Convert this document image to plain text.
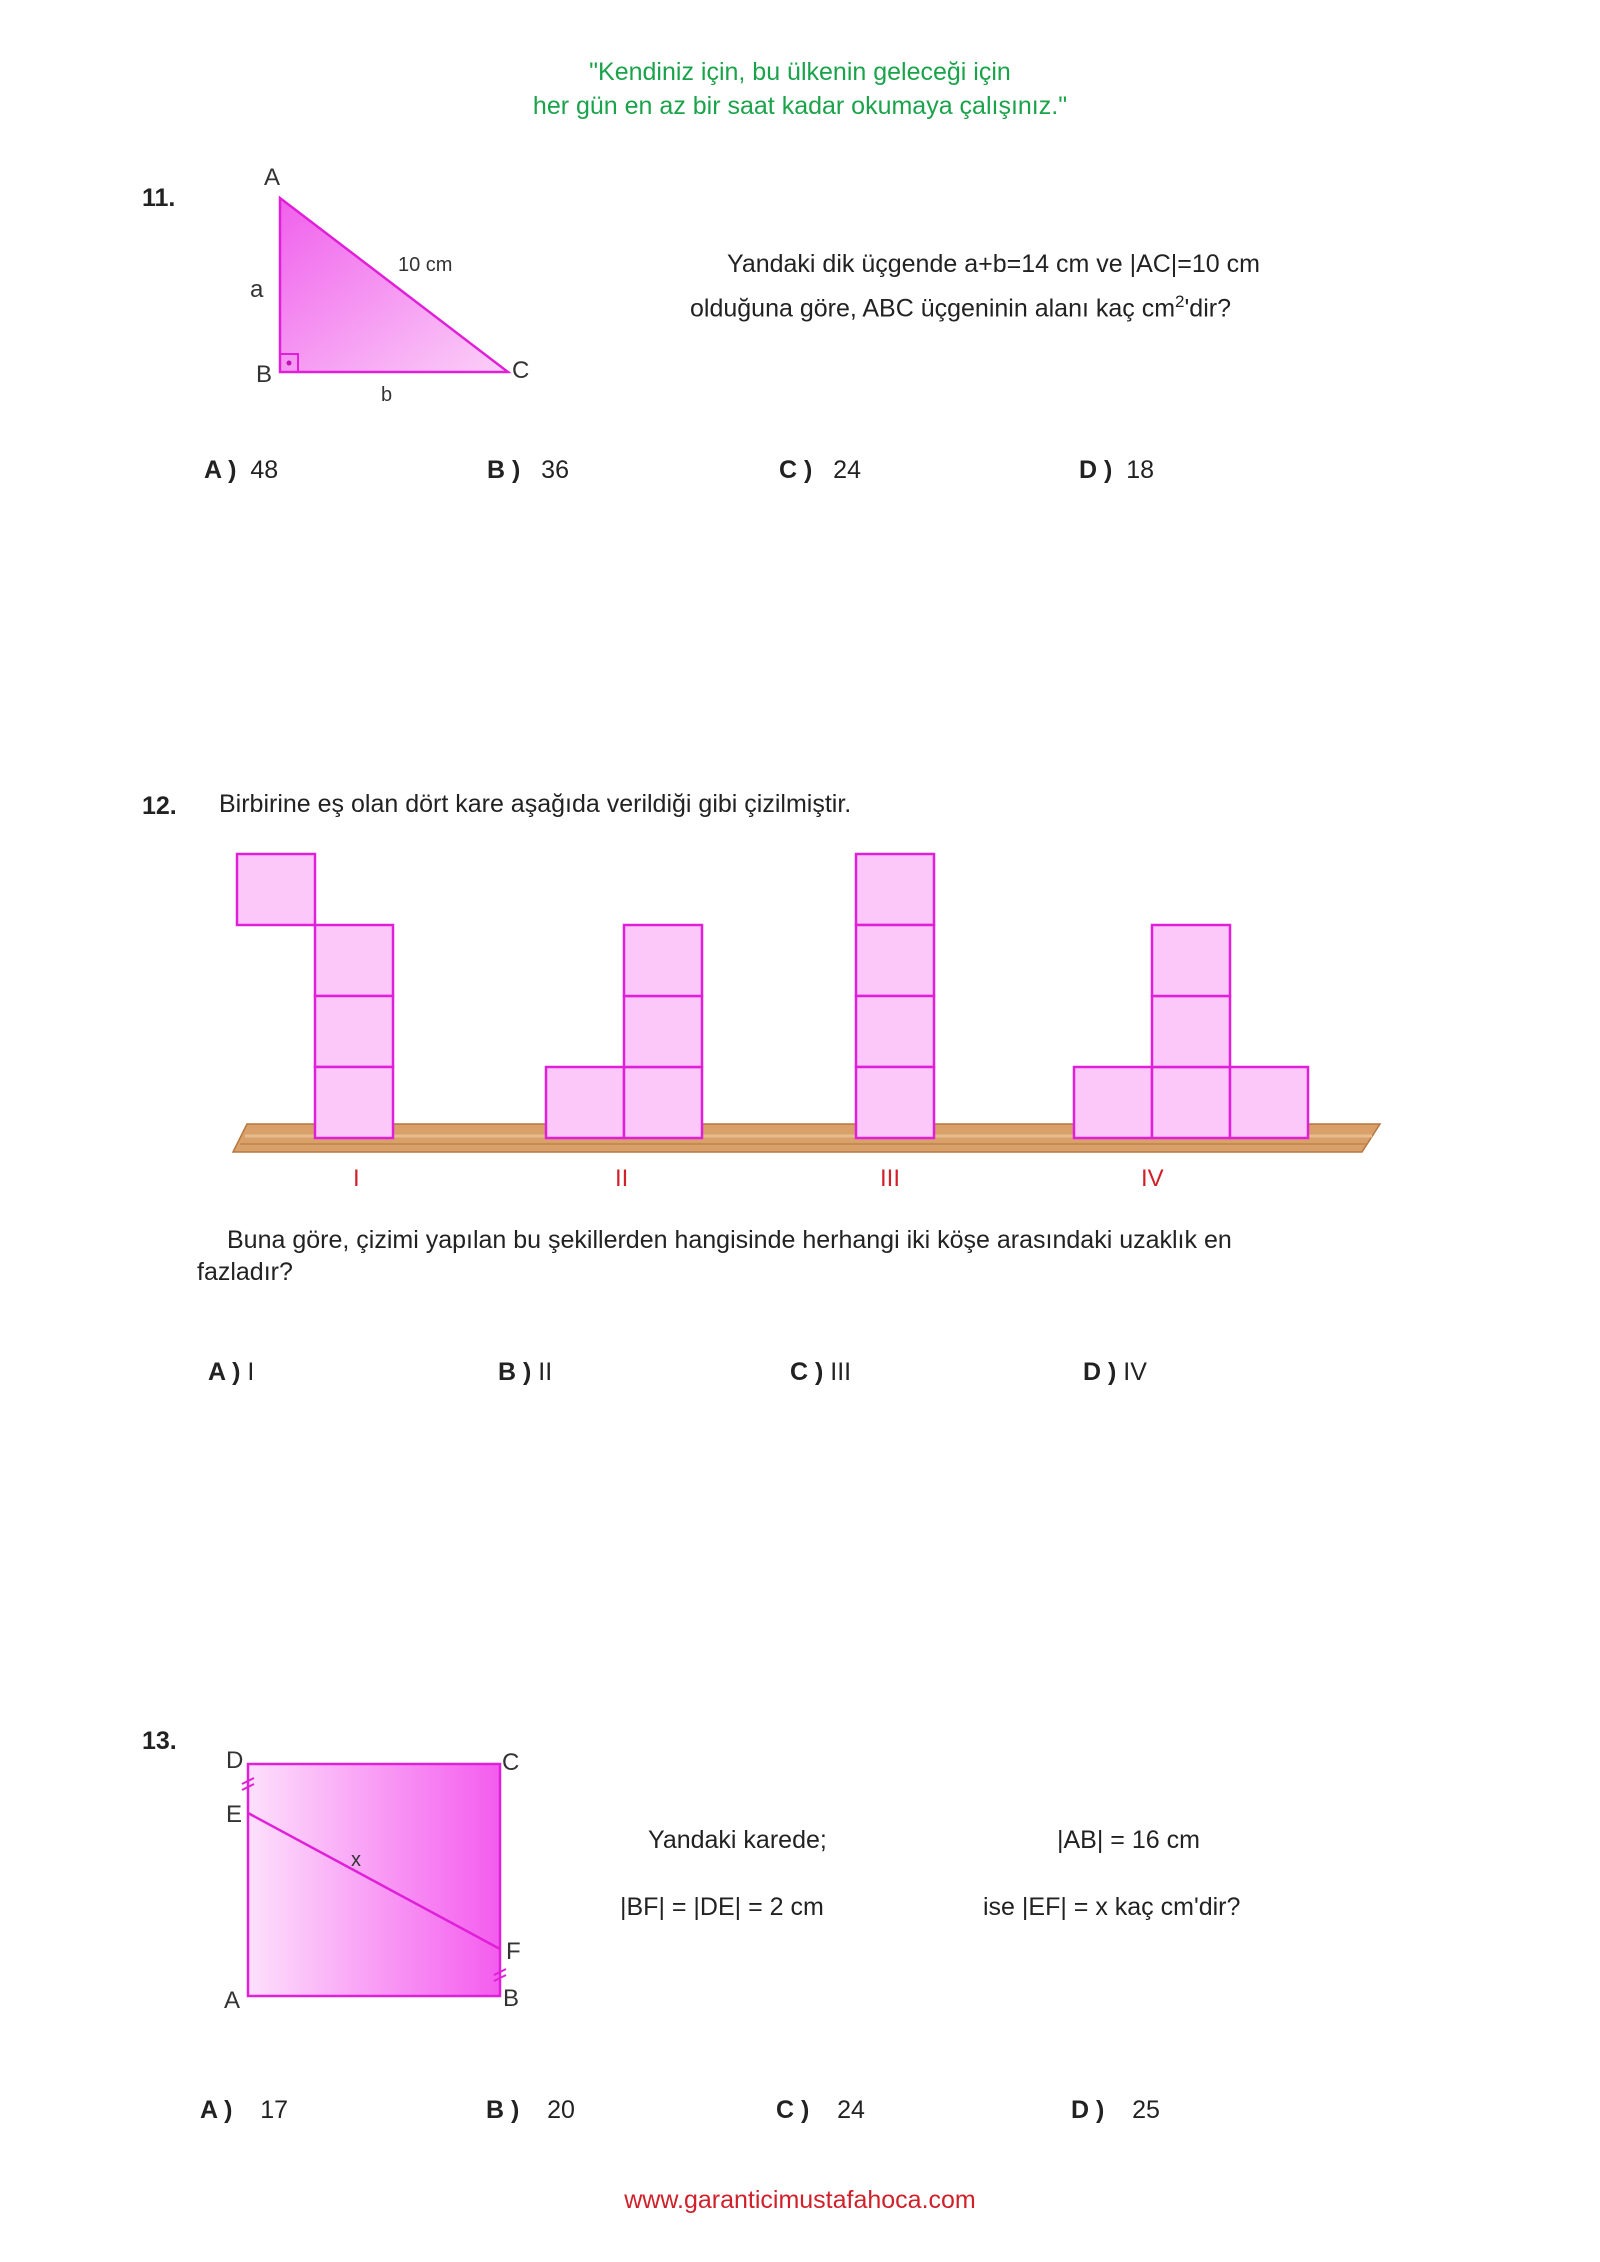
"Kendiniz için, bu ülkenin geleceği için
her gün en az bir saat kadar okumaya çalışınız."
11.
A
B	C
a
b
10 cm	Yandaki dik üçgende a+b=14 cm ve |AC|=10 cm
olduğuna göre, ABC üçgeninin alanı kaç $cm^2'dir$?
A ) 48	B ) 36	C ) 24	D ) 18
12. Birbirine eş olan dört kare aşağıda verildiği gibi çizilmiştir.
I	II	III	IV
Buna göre, çizimi yapılan bu şekillerden hangisinde herhangi iki köşe arasındaki uzaklık en
fazladır?
A ) I	B ) II	C ) III	D ) IV
13.
D	C
E
x
F
A	B
Yandaki karede;	|AB| = 16 cm
|BF| = |DE| = 2 cm	ise |EF| = x kaç cm'dir?
A ) 17	B ) 20	C ) 24	D ) 25
www.garanticimustafahoca.com
